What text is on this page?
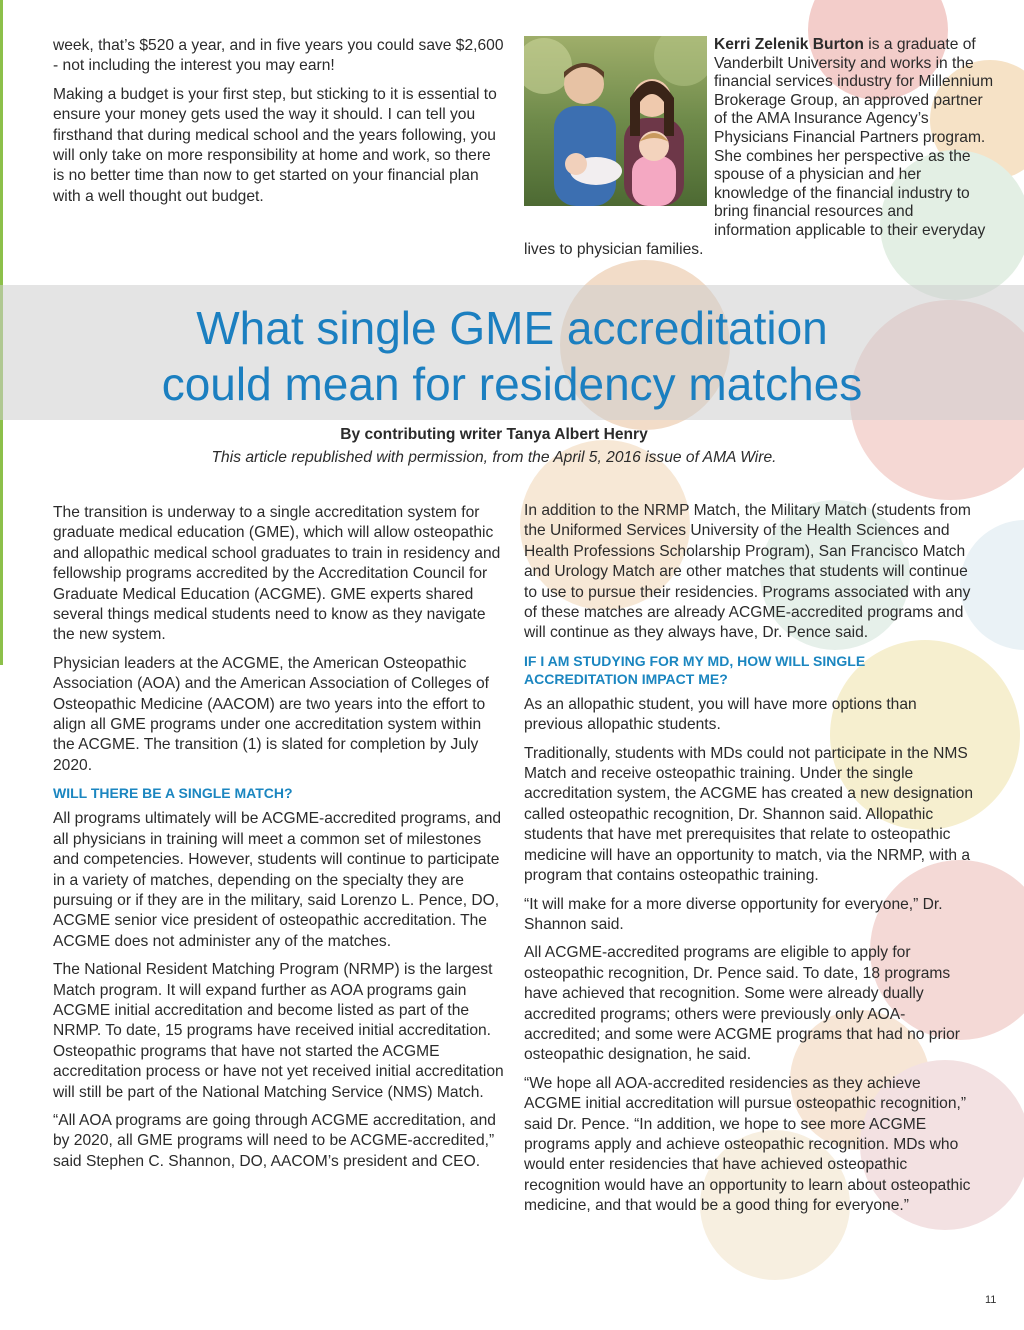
week, that’s $520 a year, and in five years you could save $2,600 - not including the interest you may earn!

Making a budget is your first step, but sticking to it is essential to ensure your money gets used the way it should. I can tell you firsthand that during medical school and the years following, you will only take on more responsibility at home and work, so there is no better time than now to get started on your financial plan with a well thought out budget.

Kerri Zelenik Burton is a graduate of Vanderbilt University and works in the financial services industry for Millennium Brokerage Group, an approved partner of the AMA Insurance Agency’s Physicians Financial Partners program. She combines her perspective as the spouse of a physician and her knowledge of the financial industry to bring financial resources and information applicable to their everyday lives to physician families.
What single GME accreditation
could mean for residency matches
By contributing writer Tanya Albert Henry
This article republished with permission, from the April 5, 2016 issue of AMA Wire.

The transition is underway to a single accreditation system for graduate medical education (GME), which will allow osteopathic and allopathic medical school graduates to train in residency and fellowship programs accredited by the Accreditation Council for Graduate Medical Education (ACGME). GME experts shared several things medical students need to know as they navigate the new system.

Physician leaders at the ACGME, the American Osteopathic Association (AOA) and the American Association of Colleges of Osteopathic Medicine (AACOM) are two years into the effort to align all GME programs under one accreditation system within the ACGME. The transition (1) is slated for completion by July 2020.

WILL THERE BE A SINGLE MATCH?

All programs ultimately will be ACGME-accredited programs, and all physicians in training will meet a common set of milestones and competencies. However, students will continue to participate in a variety of matches, depending on the specialty they are pursuing or if they are in the military, said Lorenzo L. Pence, DO, ACGME senior vice president of osteopathic accreditation. The ACGME does not administer any of the matches.

The National Resident Matching Program (NRMP) is the largest Match program. It will expand further as AOA programs gain ACGME initial accreditation and become listed as part of the NRMP. To date, 15 programs have received initial accreditation. Osteopathic programs that have not started the ACGME accreditation process or have not yet received initial accreditation will still be part of the National Matching Service (NMS) Match.

“All AOA programs are going through ACGME accreditation, and by 2020, all GME programs will need to be ACGME-accredited,” said Stephen C. Shannon, DO, AACOM’s president and CEO.

In addition to the NRMP Match, the Military Match (students from the Uniformed Services University of the Health Sciences and Health Professions Scholarship Program), San Francisco Match and Urology Match are other matches that students will continue to use to pursue their residencies. Programs associated with any of these matches are already ACGME-accredited programs and will continue as they always have, Dr. Pence said.

IF I AM STUDYING FOR MY MD, HOW WILL SINGLE ACCREDITATION IMPACT ME?

As an allopathic student, you will have more options than previous allopathic students.

Traditionally, students with MDs could not participate in the NMS Match and receive osteopathic training. Under the single accreditation system, the ACGME has created a new designation called osteopathic recognition, Dr. Shannon said. Allopathic students that have met prerequisites that relate to osteopathic medicine will have an opportunity to match, via the NRMP, with a program that contains osteopathic training.

“It will make for a more diverse opportunity for everyone,” Dr. Shannon said.

All ACGME-accredited programs are eligible to apply for osteopathic recognition, Dr. Pence said. To date, 18 programs have achieved that recognition. Some were already dually accredited programs; others were previously only AOA-accredited; and some were ACGME programs that had no prior osteopathic designation, he said.

“We hope all AOA-accredited residencies as they achieve ACGME initial accreditation will pursue osteopathic recognition,” said Dr. Pence. “In addition, we hope to see more ACGME programs apply and achieve osteopathic recognition. MDs who would enter residencies that have achieved osteopathic recognition would have an opportunity to learn about osteopathic medicine, and that would be a good thing for everyone.”

11
